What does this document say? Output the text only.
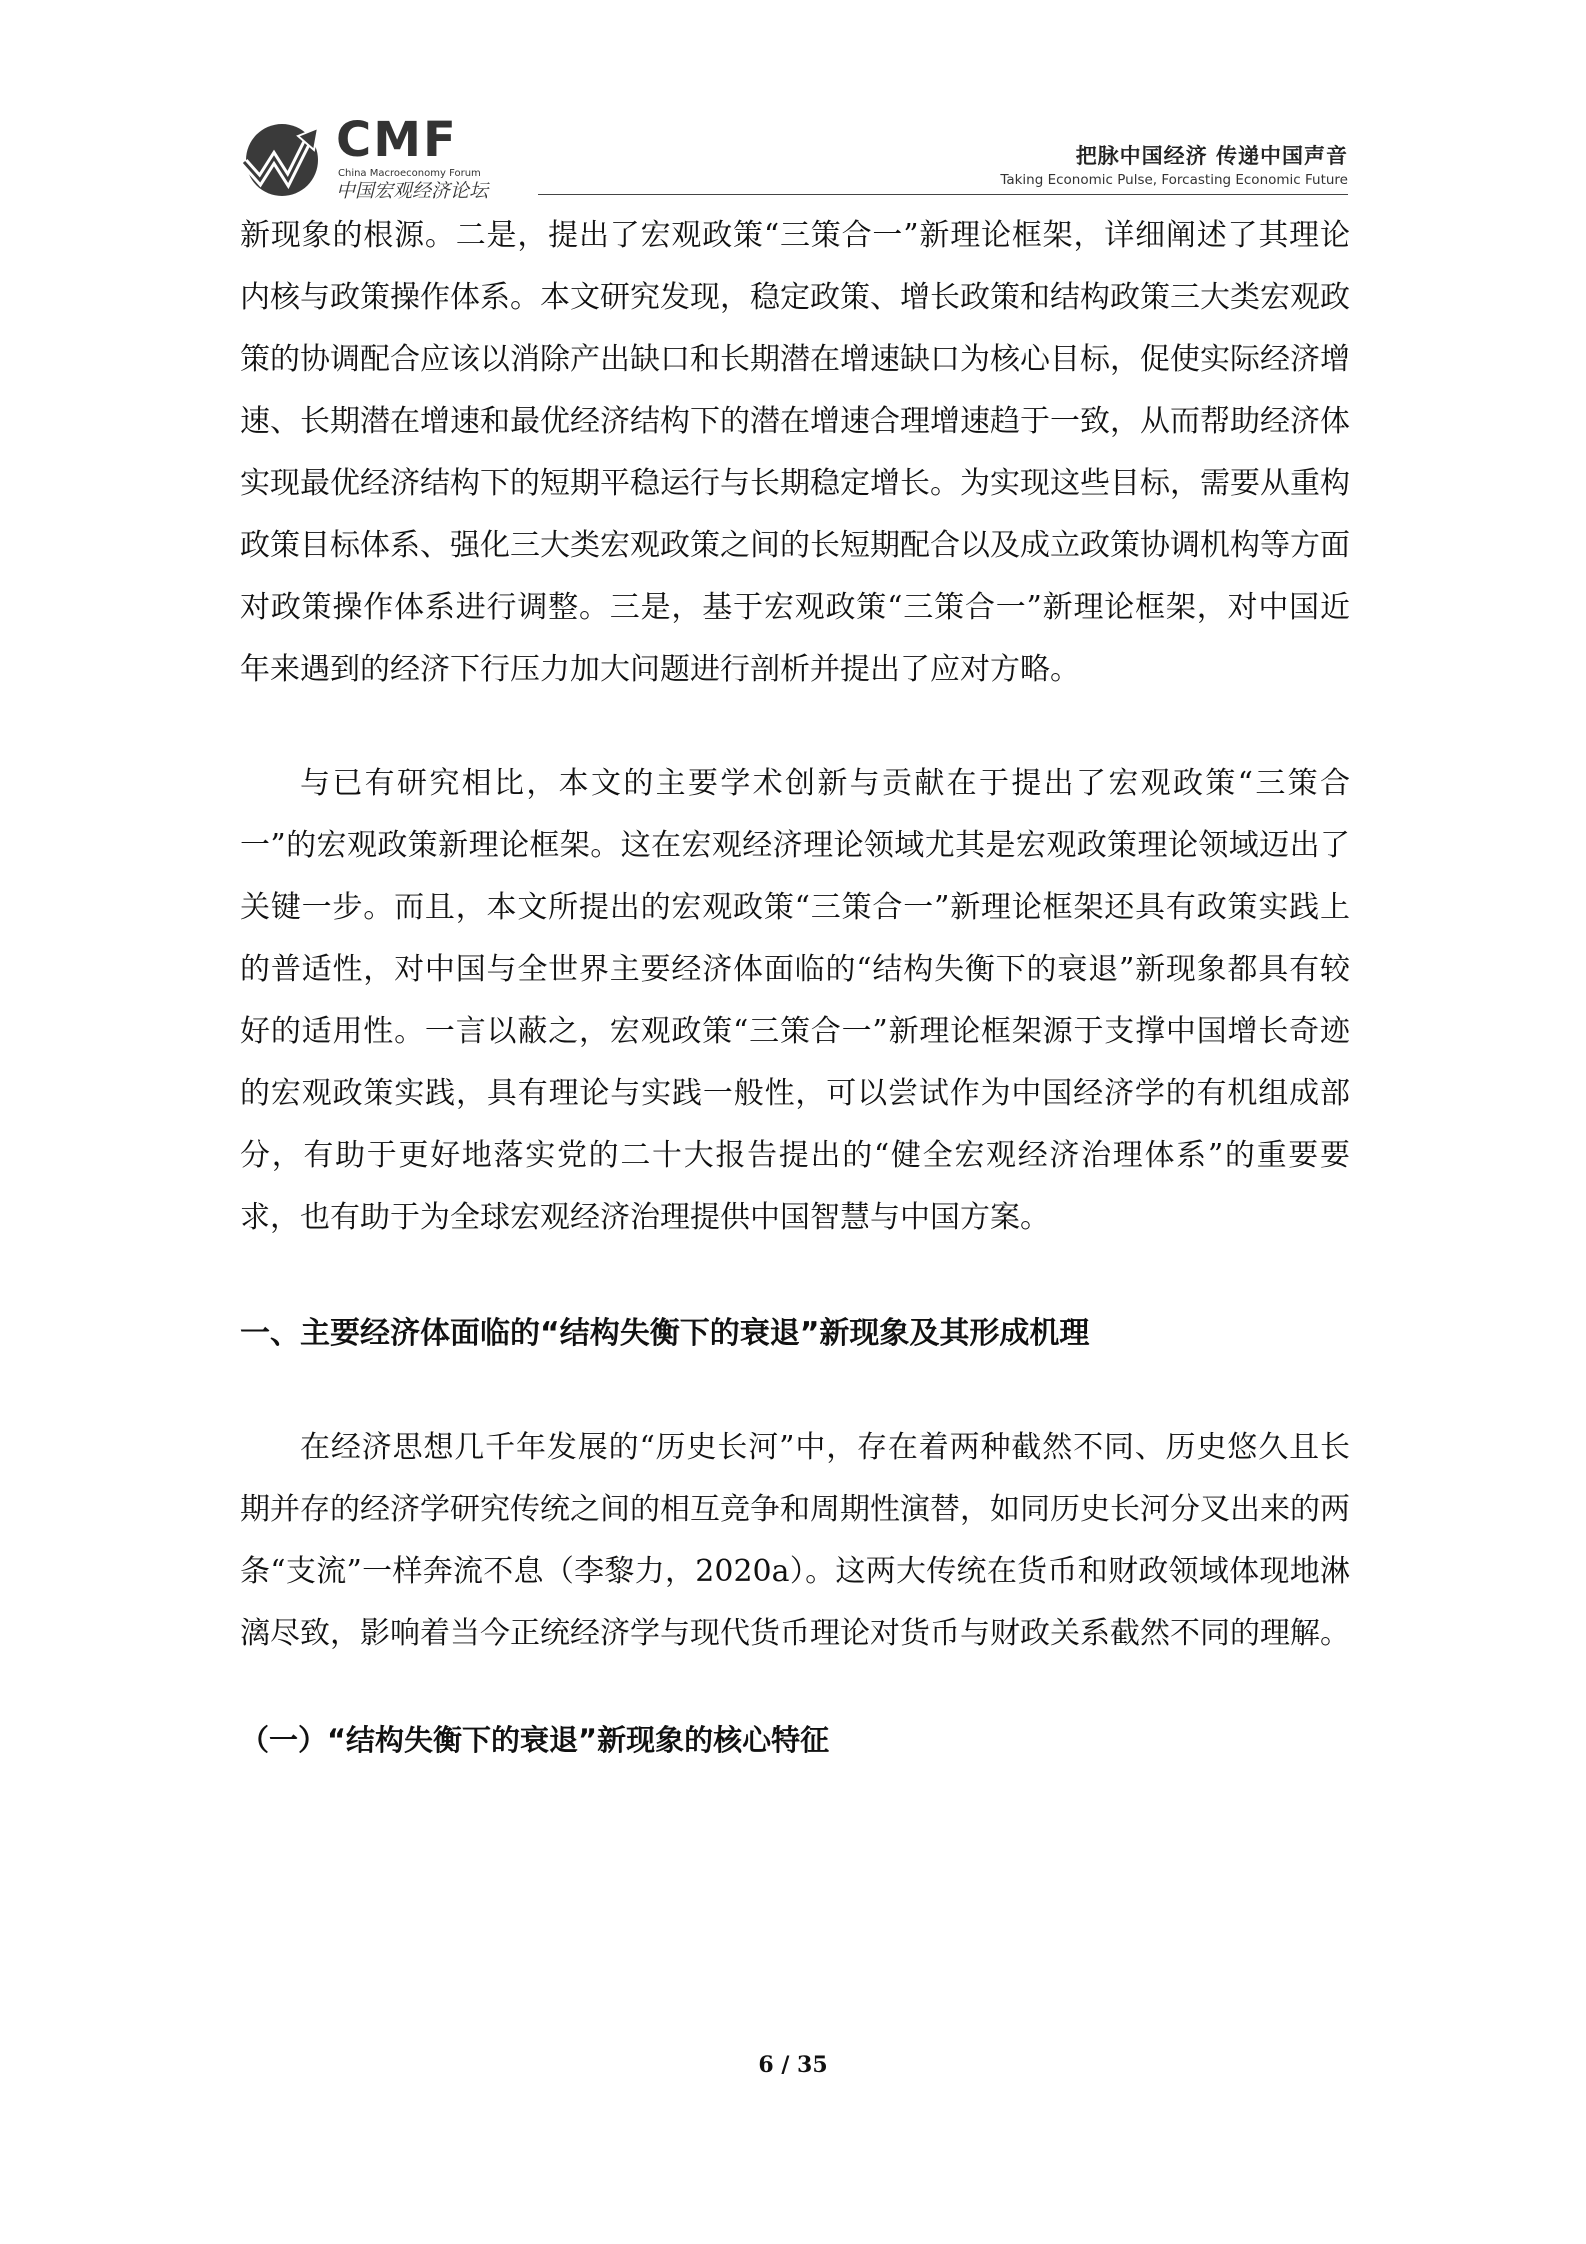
CMF
China Macroeconomy Forum
中国宏观经济论坛
把脉中国经济 传递中国声音
Taking Economic Pulse, Forcasting Economic Future

新现象的根源。二是，提出了宏观政策“三策合一”新理论框架，详细阐述了其理论内核与政策操作体系。本文研究发现，稳定政策、增长政策和结构政策三大类宏观政策的协调配合应该以消除产出缺口和长期潜在增速缺口为核心目标，促使实际经济增速、长期潜在增速和最优经济结构下的潜在增速合理增速趋于一致，从而帮助经济体实现最优经济结构下的短期平稳运行与长期稳定增长。为实现这些目标，需要从重构政策目标体系、强化三大类宏观政策之间的长短期配合以及成立政策协调机构等方面对政策操作体系进行调整。三是，基于宏观政策“三策合一”新理论框架，对中国近年来遇到的经济下行压力加大问题进行剖析并提出了应对方略。

与已有研究相比，本文的主要学术创新与贡献在于提出了宏观政策“三策合一”的宏观政策新理论框架。这在宏观经济理论领域尤其是宏观政策理论领域迈出了关键一步。而且，本文所提出的宏观政策“三策合一”新理论框架还具有政策实践上的普适性，对中国与全世界主要经济体面临的“结构失衡下的衰退”新现象都具有较好的适用性。一言以蔽之，宏观政策“三策合一”新理论框架源于支撑中国增长奇迹的宏观政策实践，具有理论与实践一般性，可以尝试作为中国经济学的有机组成部分，有助于更好地落实党的二十大报告提出的“健全宏观经济治理体系”的重要要求，也有助于为全球宏观经济治理提供中国智慧与中国方案。

一、主要经济体面临的“结构失衡下的衰退”新现象及其形成机理

在经济思想几千年发展的“历史长河”中，存在着两种截然不同、历史悠久且长期并存的经济学研究传统之间的相互竞争和周期性演替，如同历史长河分叉出来的两条“支流”一样奔流不息（李黎力，2020a）。这两大传统在货币和财政领域体现地淋漓尽致，影响着当今正统经济学与现代货币理论对货币与财政关系截然不同的理解。

（一）“结构失衡下的衰退”新现象的核心特征
6 / 35
